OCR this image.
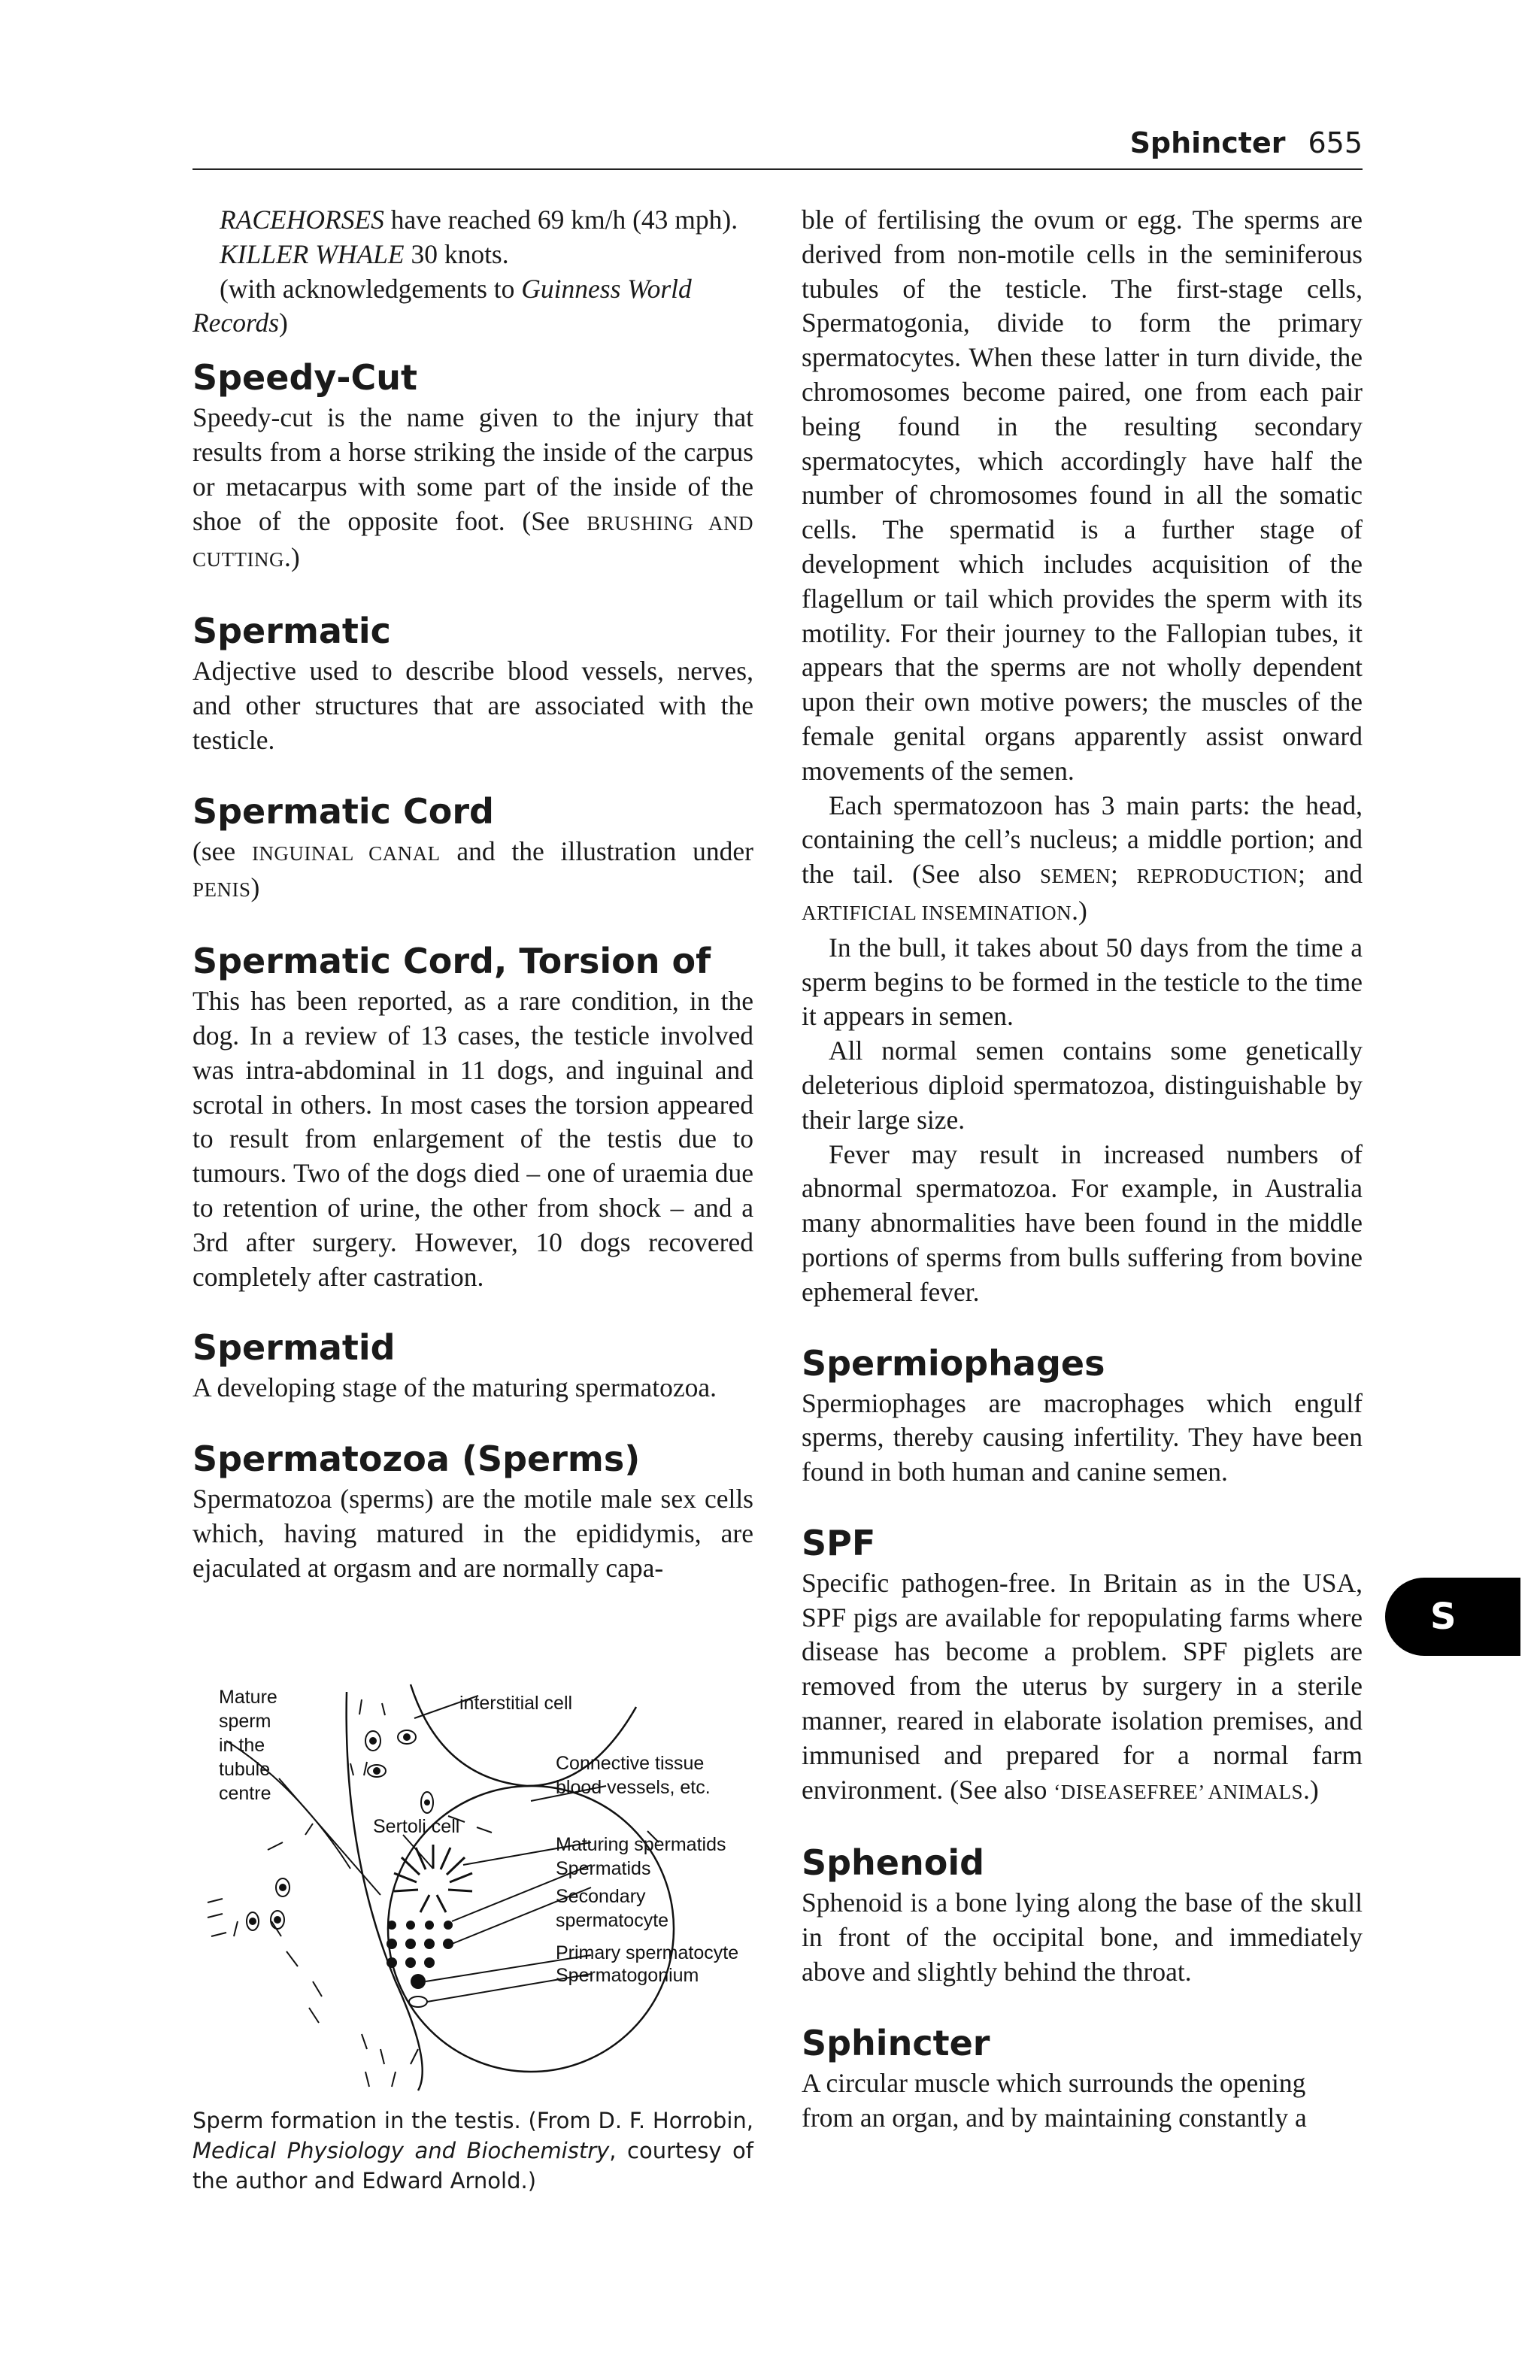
Sphincter 655

RACEHORSES have reached 69 km/h (43 mph).

KILLER WHALE 30 knots.

(with acknowledgements to Guinness World Records)

Speedy-Cut

Speedy-cut is the name given to the injury that results from a horse striking the inside of the carpus or metacarpus with some part of the inside of the shoe of the opposite foot. (See BRUSHING AND CUTTING.)

Spermatic

Adjective used to describe blood vessels, nerves, and other structures that are associated with the testicle.

Spermatic Cord

(see INGUINAL CANAL and the illustration under PENIS)

Spermatic Cord, Torsion of

This has been reported, as a rare condition, in the dog. In a review of 13 cases, the testicle involved was intra-abdominal in 11 dogs, and inguinal and scrotal in others. In most cases the torsion appeared to result from enlargement of the testis due to tumours. Two of the dogs died – one of uraemia due to retention of urine, the other from shock – and a 3rd after surgery. However, 10 dogs recovered completely after castration.

Spermatid

A developing stage of the maturing spermatozoa.

Spermatozoa (Sperms)

Spermatozoa (sperms) are the motile male sex cells which, having matured in the epididymis, are ejaculated at orgasm and are normally capa-

Mature
sperm
in the
tubule
centre
interstitial cell
Connective tissue
blood vessels, etc.
Sertoli cell
Maturing spermatids
Spermatids
Secondary
spermatocyte
Primary spermatocyte
Spermatogonium
Sperm formation in the testis. (From D. F. Horrobin, Medical Physiology and Biochemistry, courtesy of the author and Edward Arnold.)

ble of fertilising the ovum or egg. The sperms are derived from non-motile cells in the seminiferous tubules of the testicle. The first-stage cells, Spermatogonia, divide to form the primary spermatocytes. When these latter in turn divide, the chromosomes become paired, one from each pair being found in the resulting secondary spermatocytes, which accordingly have half the number of chromosomes found in all the somatic cells. The spermatid is a further stage of development which includes acquisition of the flagellum or tail which provides the sperm with its motility. For their journey to the Fallopian tubes, it appears that the sperms are not wholly dependent upon their own motive powers; the muscles of the female genital organs apparently assist onward movements of the semen.

Each spermatozoon has 3 main parts: the head, containing the cell’s nucleus; a middle portion; and the tail. (See also SEMEN; REPRODUCTION; and ARTIFICIAL INSEMINATION.)

In the bull, it takes about 50 days from the time a sperm begins to be formed in the testicle to the time it appears in semen.

All normal semen contains some genetically deleterious diploid spermatozoa, distinguishable by their large size.

Fever may result in increased numbers of abnormal spermatozoa. For example, in Australia many abnormalities have been found in the middle portions of sperms from bulls suffering from bovine ephemeral fever.

Spermiophages

Spermiophages are macrophages which engulf sperms, thereby causing infertility. They have been found in both human and canine semen.

SPF

Specific pathogen-free. In Britain as in the USA, SPF pigs are available for repopulating farms where disease has become a problem. SPF piglets are removed from the uterus by surgery in a sterile manner, reared in elaborate isolation premises, and immunised and prepared for a normal farm environment. (See also ‘DISEASEFREE’ ANIMALS.)

Sphenoid

Sphenoid is a bone lying along the base of the skull in front of the occipital bone, and immediately above and slightly behind the throat.

Sphincter

A circular muscle which surrounds the opening from an organ, and by maintaining constantly a

S
